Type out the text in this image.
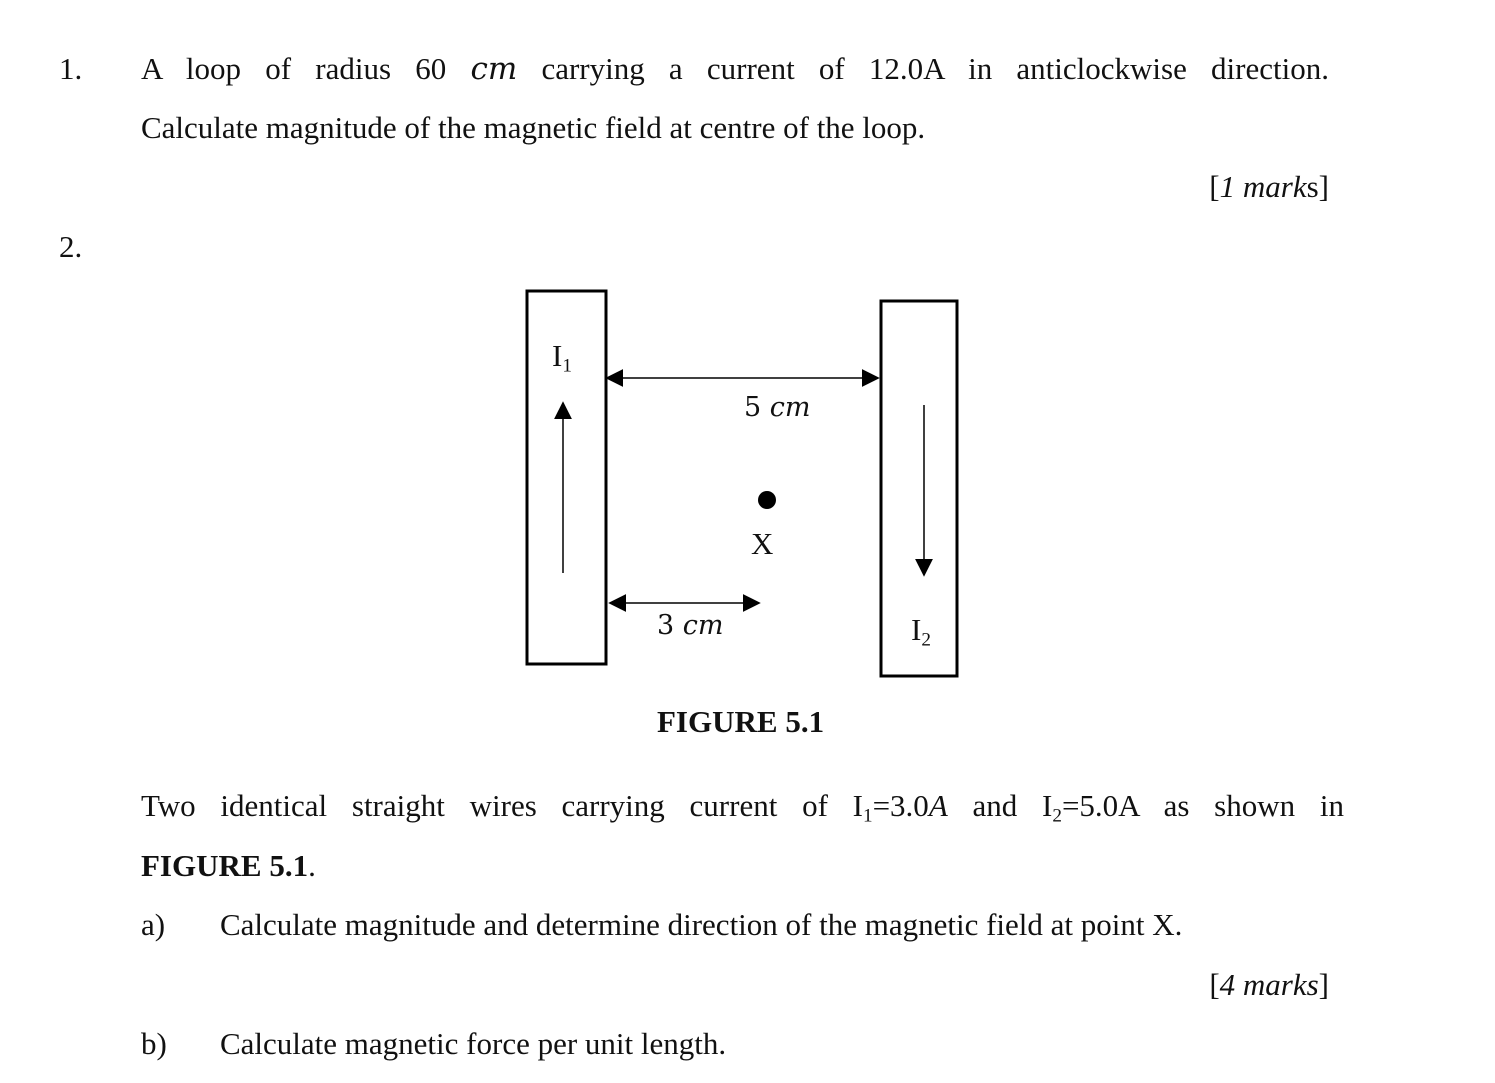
1. A loop of radius 60 cm carrying a current of 12.0A in anticlockwise direction.
Calculate magnitude of the magnetic field at centre of the loop.
[1 marks]
2.
$I_1$
$I_2$
5 cm
3 cm
X
FIGURE 5.1
Two identical straight wires carrying current of $I_1=3.0A$ and $I_2=5.0A$ as shown in
FIGURE 5.1.
a) Calculate magnitude and determine direction of the magnetic field at point X.
[4 marks]
b) Calculate magnetic force per unit length.
